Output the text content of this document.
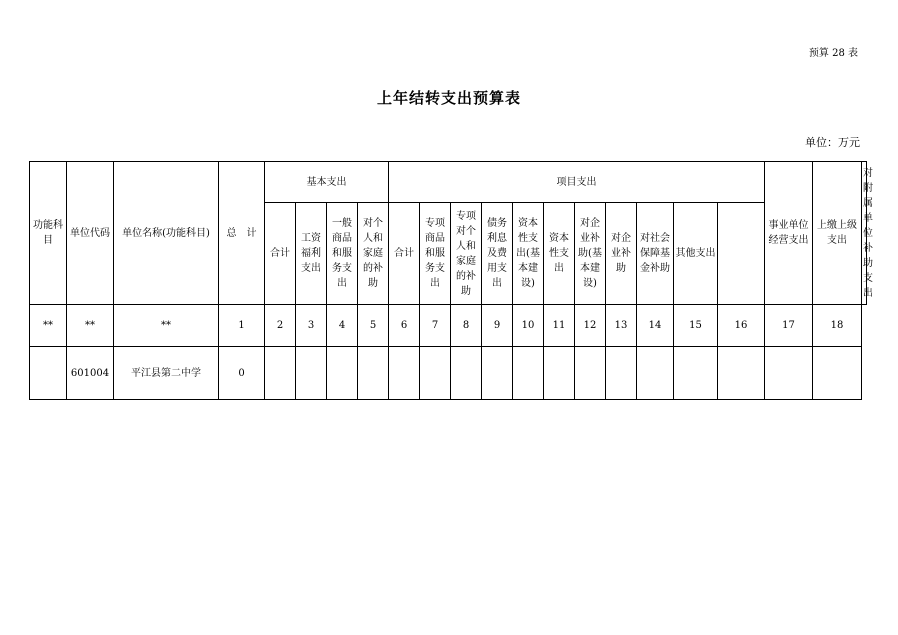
预算 28 表
上年结转支出预算表
单位：万元
功能科目	单位代码	单位名称(功能科目)	总　计	基本支出				项目支出											事业单位经营支出	上缴上级支出	对附属单位补助支出
				合计	工资福利支出	一般商品和服务支出	对个人和家庭的补助	合计	专项商品和服务支出	专项对个人和家庭的补助	债务利息及费用支出	资本性支出(基本建设)	资本性支出	对企业补助(基本建设)	对企业补助	对社会保障基金补助	其他支出				
**	**	**	1	2	3	4	5	6	7	8	9	10	11	12	13	14	15	16	17	18	
	601004	平江县第二中学	0																		
